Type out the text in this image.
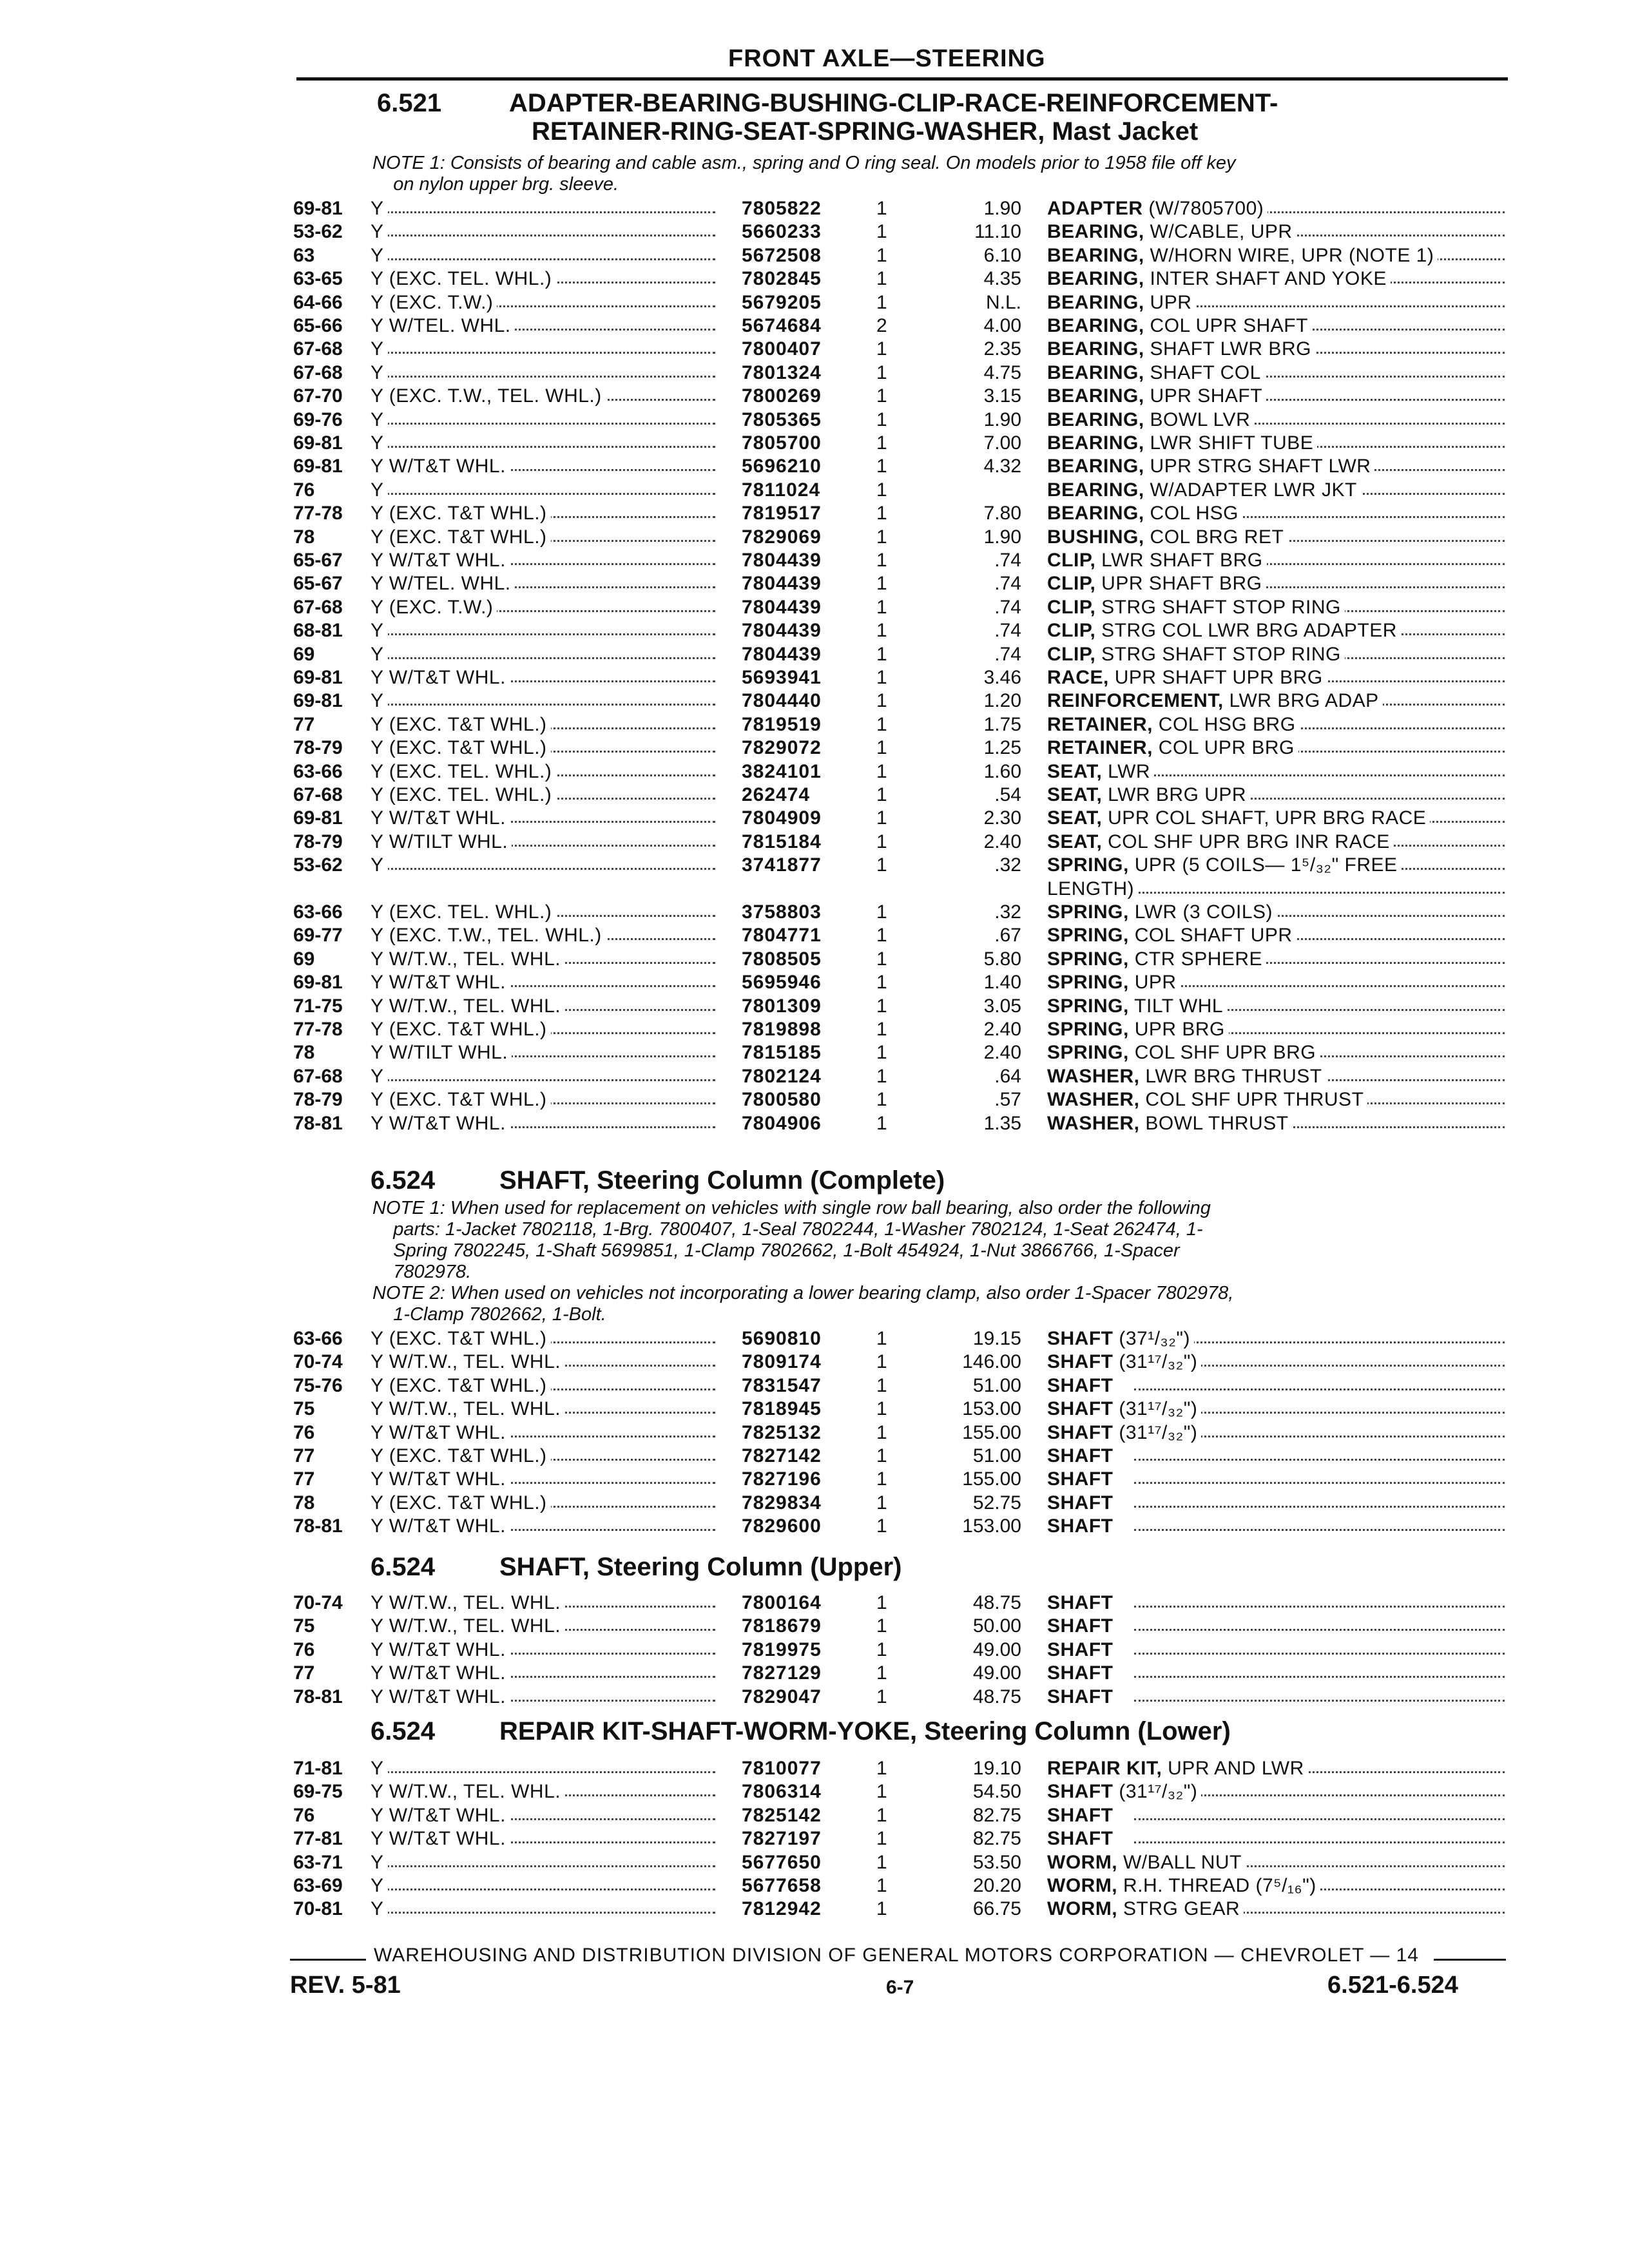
FRONT AXLE—STEERING
6.521	ADAPTER-BEARING-BUSHING-CLIP-RACE-REINFORCEMENT-
RETAINER-RING-SEAT-SPRING-WASHER, Mast Jacket
NOTE 1: Consists of bearing and cable asm., spring and O ring seal. On models prior to 1958 file off key
on nylon upper brg. sleeve.
69-81 Y	7805822	1	1.90 ADAPTER (W/7805700)
53-62 Y	5660233	1	11.10 BEARING, W/CABLE, UPR
63	Y	5672508	1	6.10 BEARING, W/HORN WIRE, UPR (NOTE 1)
63-65 Y (EXC. TEL. WHL.)	7802845	1	4.35 BEARING, INTER SHAFT AND YOKE
64-66 Y (EXC. T.W.)	5679205	1	N.L. BEARING, UPR
65-66 Y W/TEL. WHL.	5674684	2	4.00 BEARING, COL UPR SHAFT
67-68 Y	7800407	1	2.35 BEARING, SHAFT LWR BRG
67-68 Y	7801324	1	4.75 BEARING, SHAFT COL
67-70 Y (EXC. T.W., TEL. WHL.)	7800269	1	3.15 BEARING, UPR SHAFT
69-76 Y	7805365	1	1.90 BEARING, BOWL LVR
69-81 Y	7805700	1	7.00 BEARING, LWR SHIFT TUBE
69-81 Y W/T&T WHL.	5696210	1	4.32 BEARING, UPR STRG SHAFT LWR
76	Y	7811024	1	BEARING, W/ADAPTER LWR JKT
77-78 Y (EXC. T&T WHL.)	7819517	1	7.80 BEARING, COL HSG
78	Y (EXC. T&T WHL.)	7829069	1	1.90 BUSHING, COL BRG RET
65-67 Y W/T&T WHL.	7804439	1	.74 CLIP, LWR SHAFT BRG
65-67 Y W/TEL. WHL.	7804439	1	.74 CLIP, UPR SHAFT BRG
67-68 Y (EXC. T.W.)	7804439	1	.74 CLIP, STRG SHAFT STOP RING
68-81 Y	7804439	1	.74 CLIP, STRG COL LWR BRG ADAPTER
69	Y	7804439	1	.74 CLIP, STRG SHAFT STOP RING
69-81 Y W/T&T WHL.	5693941	1	3.46 RACE, UPR SHAFT UPR BRG
69-81 Y	7804440	1	1.20 REINFORCEMENT, LWR BRG ADAP
77	Y (EXC. T&T WHL.)	7819519	1	1.75 RETAINER, COL HSG BRG
78-79 Y (EXC. T&T WHL.)	7829072	1	1.25 RETAINER, COL UPR BRG
63-66 Y (EXC. TEL. WHL.)	3824101	1	1.60 SEAT, LWR
67-68 Y (EXC. TEL. WHL.)	262474	1	.54 SEAT, LWR BRG UPR
69-81 Y W/T&T WHL.	7804909	1	2.30 SEAT, UPR COL SHAFT, UPR BRG RACE
78-79 Y W/TILT WHL.	7815184	1	2.40 SEAT, COL SHF UPR BRG INR RACE
53-62 Y	3741877	1	.32 SPRING, UPR (5 COILS— 1⁵/₃₂" FREE
LENGTH)
63-66 Y (EXC. TEL. WHL.)	3758803	1	.32 SPRING, LWR (3 COILS)
69-77 Y (EXC. T.W., TEL. WHL.)	7804771	1	.67 SPRING, COL SHAFT UPR
69	Y W/T.W., TEL. WHL.	7808505	1	5.80 SPRING, CTR SPHERE
69-81 Y W/T&T WHL.	5695946	1	1.40 SPRING, UPR
71-75 Y W/T.W., TEL. WHL.	7801309	1	3.05 SPRING, TILT WHL
77-78 Y (EXC. T&T WHL.)	7819898	1	2.40 SPRING, UPR BRG
78	Y W/TILT WHL.	7815185	1	2.40 SPRING, COL SHF UPR BRG
67-68 Y	7802124	1	.64 WASHER, LWR BRG THRUST
78-79 Y (EXC. T&T WHL.)	7800580	1	.57 WASHER, COL SHF UPR THRUST
78-81 Y W/T&T WHL.	7804906	1	1.35 WASHER, BOWL THRUST
6.524 SHAFT, Steering Column (Complete)
NOTE 1: When used for replacement on vehicles with single row ball bearing, also order the following
parts: 1-Jacket 7802118, 1-Brg. 7800407, 1-Seal 7802244, 1-Washer 7802124, 1-Seat 262474, 1-
Spring 7802245, 1-Shaft 5699851, 1-Clamp 7802662, 1-Bolt 454924, 1-Nut 3866766, 1-Spacer
7802978.
NOTE 2: When used on vehicles not incorporating a lower bearing clamp, also order 1-Spacer 7802978,
1-Clamp 7802662, 1-Bolt.
63-66 Y (EXC. T&T WHL.)	5690810	1	19.15 SHAFT (37¹/₃₂")
70-74 Y W/T.W., TEL. WHL.	7809174	1	146.00 SHAFT (31¹⁷/₃₂")
75-76 Y (EXC. T&T WHL.)	7831547	1	51.00 SHAFT
75	Y W/T.W., TEL. WHL.	7818945	1	153.00 SHAFT (31¹⁷/₃₂")
76	Y W/T&T WHL.	7825132	1	155.00 SHAFT (31¹⁷/₃₂")
77	Y (EXC. T&T WHL.)	7827142	1	51.00 SHAFT
77	Y W/T&T WHL.	7827196	1	155.00 SHAFT
78	Y (EXC. T&T WHL.)	7829834	1	52.75 SHAFT
78-81 Y W/T&T WHL.	7829600	1	153.00 SHAFT
6.524 SHAFT, Steering Column (Upper)
70-74 Y W/T.W., TEL. WHL.	7800164	1	48.75 SHAFT
75	Y W/T.W., TEL. WHL.	7818679	1	50.00 SHAFT
76	Y W/T&T WHL.	7819975	1	49.00 SHAFT
77	Y W/T&T WHL.	7827129	1	49.00 SHAFT
78-81 Y W/T&T WHL.	7829047	1	48.75 SHAFT
6.524 REPAIR KIT-SHAFT-WORM-YOKE, Steering Column (Lower)
71-81 Y	7810077	1	19.10 REPAIR KIT, UPR AND LWR
69-75 Y W/T.W., TEL. WHL.	7806314	1	54.50 SHAFT (31¹⁷/₃₂")
76	Y W/T&T WHL.	7825142	1	82.75 SHAFT
77-81 Y W/T&T WHL.	7827197	1	82.75 SHAFT
63-71 Y	5677650	1	53.50 WORM, W/BALL NUT
63-69 Y	5677658	1	20.20 WORM, R.H. THREAD (7⁵/₁₆")
70-81 Y	7812942	1	66.75 WORM, STRG GEAR
WAREHOUSING AND DISTRIBUTION DIVISION OF GENERAL MOTORS CORPORATION — CHEVROLET — 14
REV. 5-81	6-7	6.521-6.524
